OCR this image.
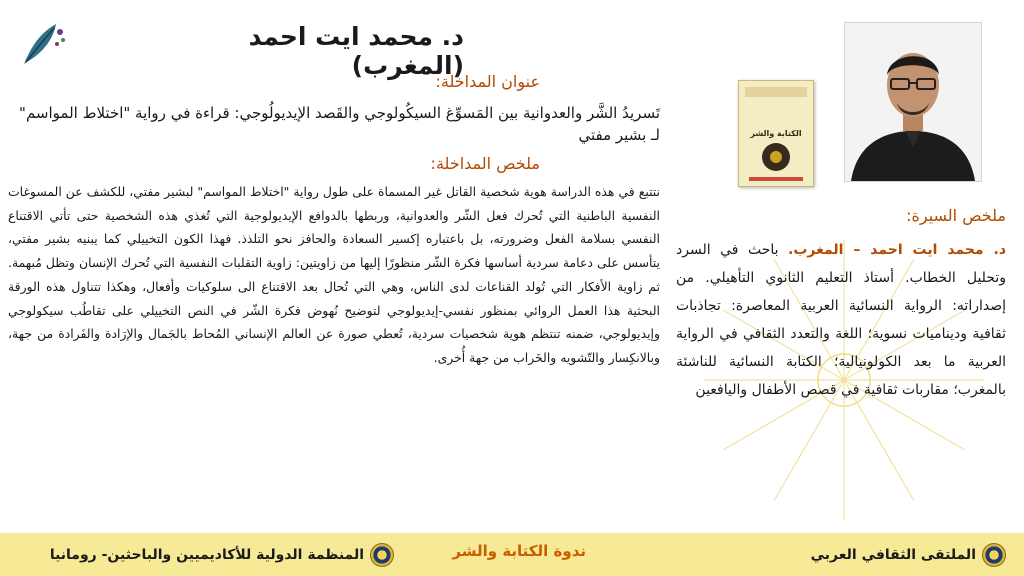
د. محمد ايت احمد (المغرب)
عنوان المداخلة:
تَسريدُ الشَّر والعدوانية بين المَسوِّغ السيكُولوجي والقَصد الإيديولُوجي: قراءة في رواية "اختلاط المواسم" لـ بشير مفتي
ملخص المداخلة:
نتتبع في هذه الدراسة هوية شخصية القاتل غير المسماة على طول رواية "اختلاط المواسم" لبشير مفتي، للكشف عن المسوغات النفسية الباطنية التي تُحرك فعل الشّر والعدوانية، وربطها بالدوافع الإيديولوجية التي تُغذي هذه الشخصية حتى تأتي الاقتناع النفسي بسلامة الفعل وضرورته، بل باعتباره إكسير السعادة والحافز نحو التلذذ. فهذا الكون التخييلي كما يبنيه بشير مفتي، يتأسس على دعامة سردية أساسها فكرة الشّر منظورًا إليها من زاويتين: زاوية التقلبات النفسية التي تُحرك الإنسان وتظل مُبهمة. ثم زاوية الأفكار التي تُولد القناعات لدى الناس، وهي التي تُحال بعد الاقتناع الى سلوكيات وأفعال، وهكذا تتناول هذه الورقة البحثية هذا العمل الروائي بمنظور نفسي-إيديولوجي لتوضيح نُهوض فكرة الشّر في النص التخييلي على تقاطُب سيكولوجي وإيديولوجي، ضمنه تنتظم هوية شخصيات سردية، تُعطي صورة عن العالم الإنساني المُحاط بالجَمال والإرَادة والفَرادة من جهة، وبالانكِسار والتّشويه والخَراب من جهة أُخرى.
الكتابة والشر
ملخص السيرة:
د. محمد ايت احمد – المغرب. باحث في السرد وتحليل الخطاب. أستاذ التعليم الثانوي التأهيلي. من إصداراته: الرواية النسائية العربية المعاصرة: تجاذبات ثقافية وديناميات نسوية؛ اللغة والتعدد الثقافي في الرواية العربية ما بعد الكولونيالية؛ الكتابة النسائية للناشئة بالمغرب؛ مقاربات ثقافية في قصص الأطفال واليافعين
الملتقى الثقافي العربي
ندوة الكتابة والشر
المنظمة الدولية للأكاديميين والباحثين- رومانيا
